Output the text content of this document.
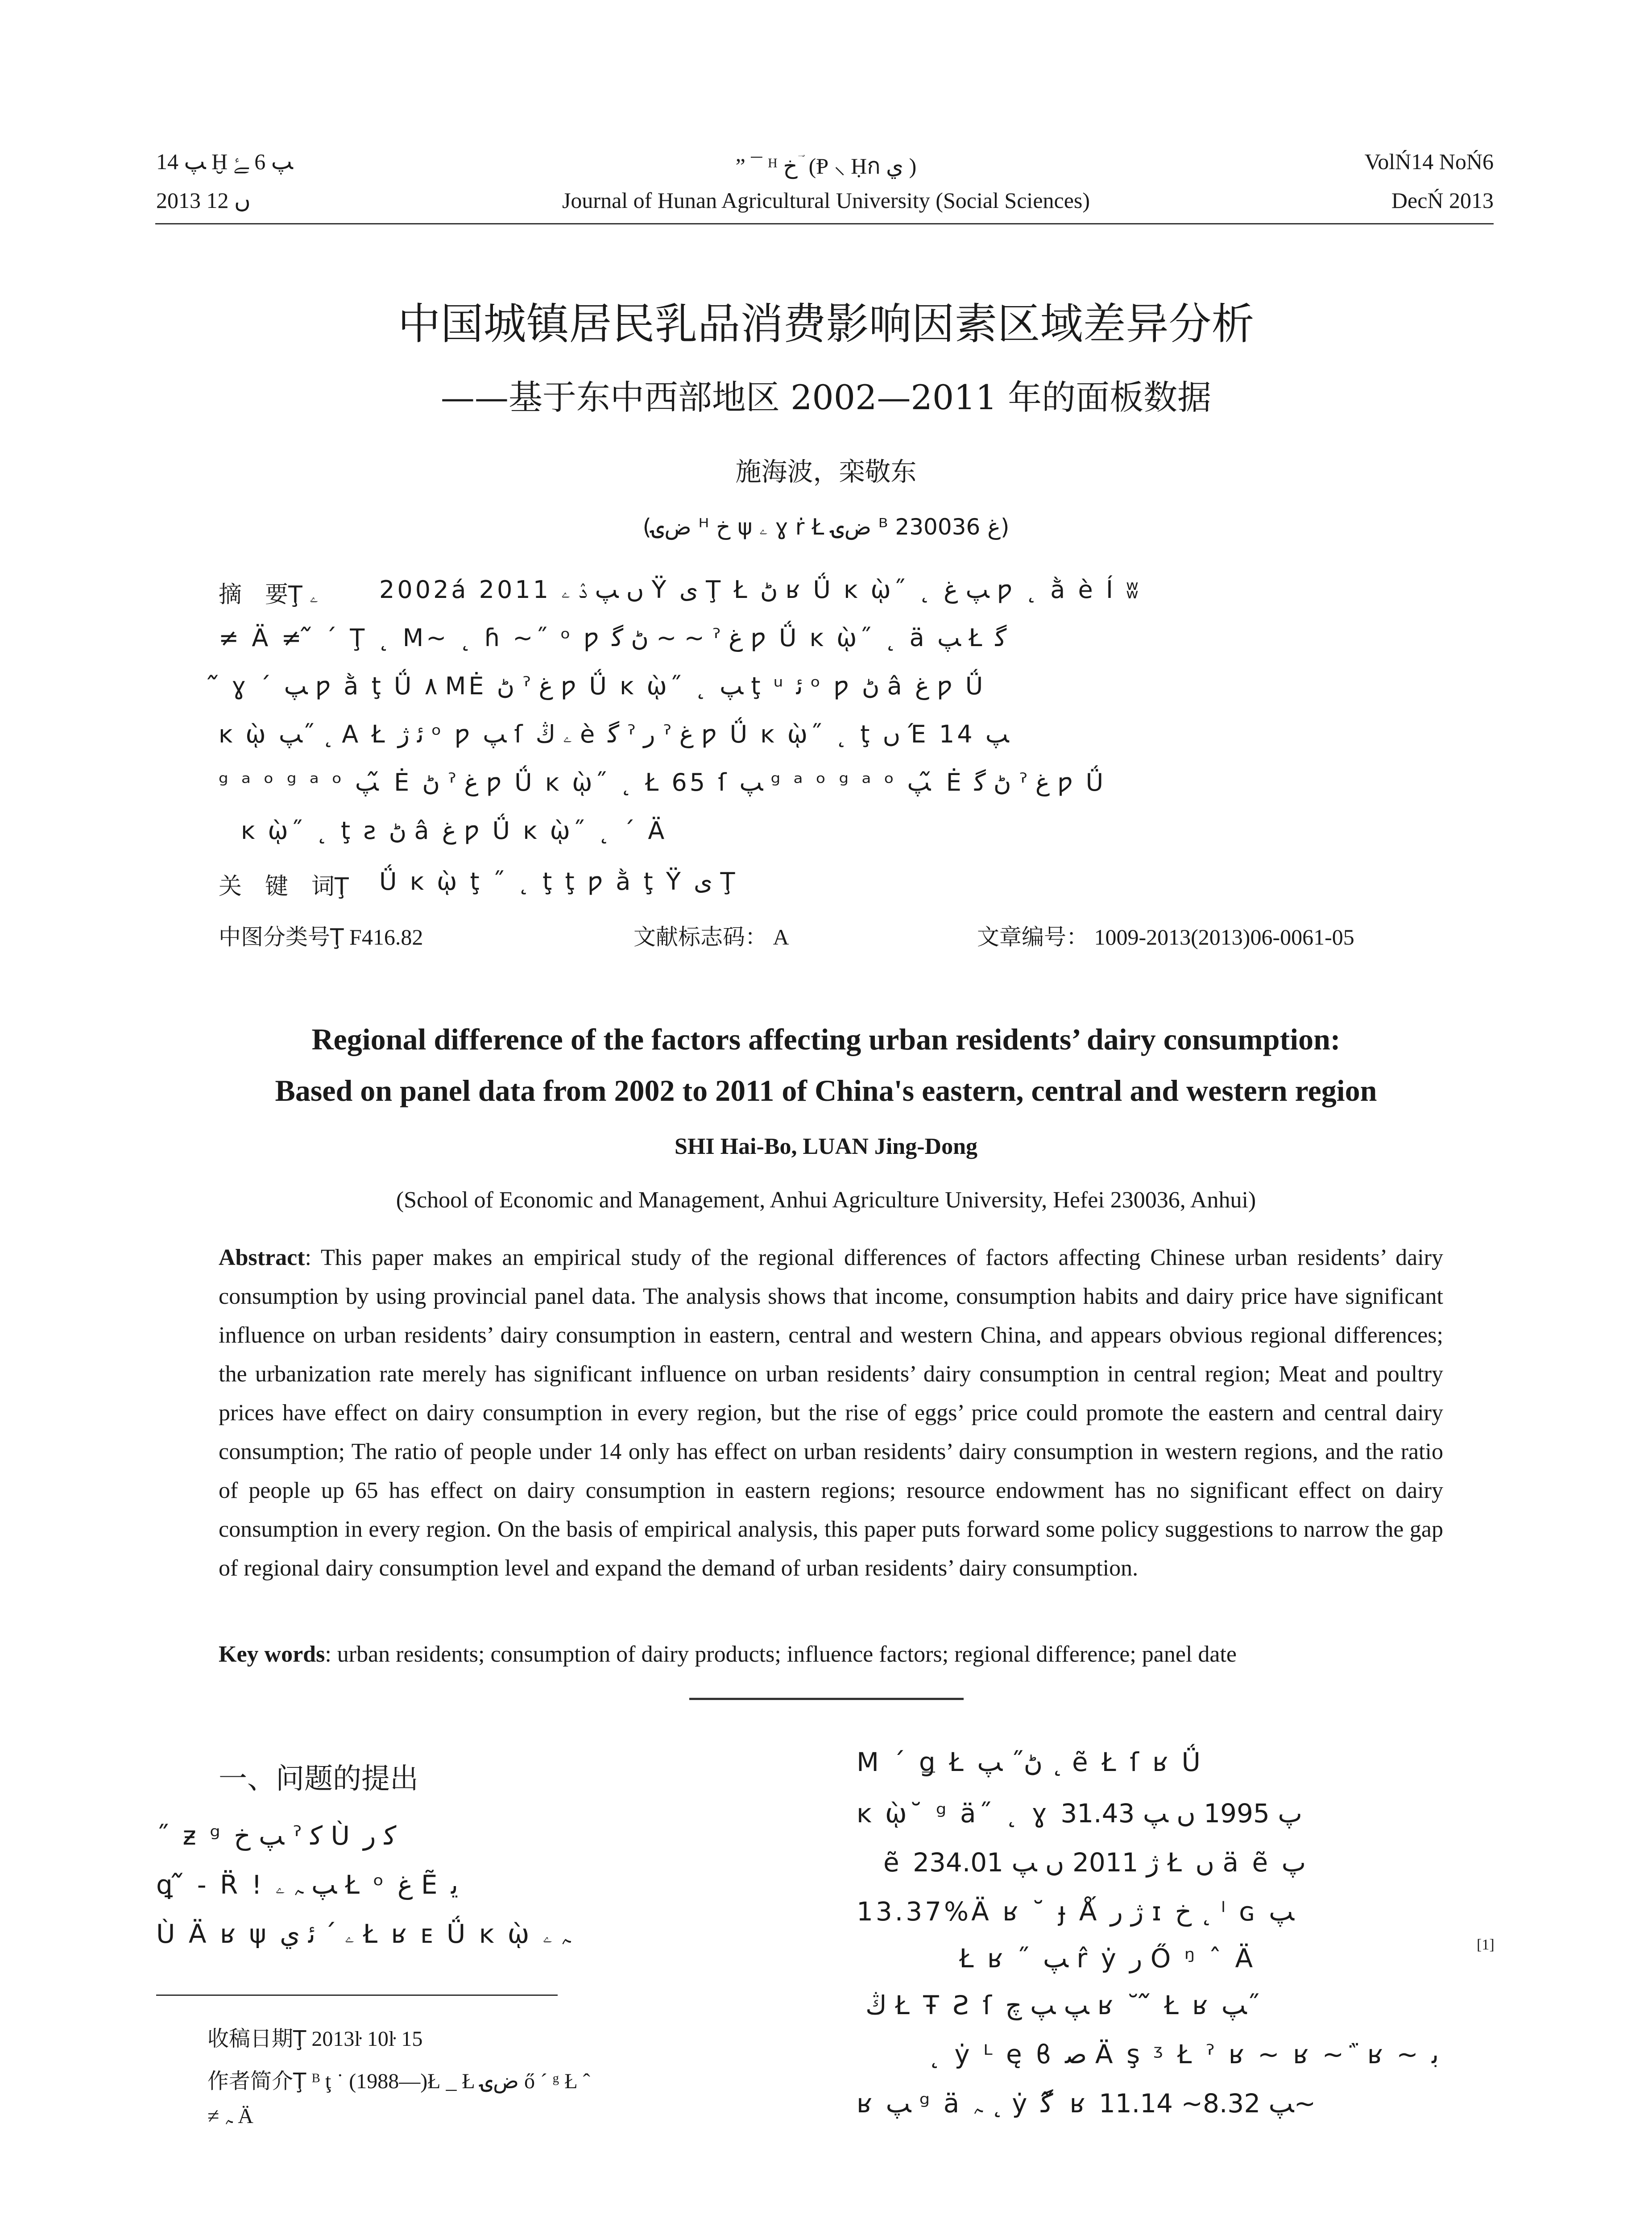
ﭗ 14 Ḫ ﭗ 6 ﮱ
2013 ﮞ 12
” ¯ ᴴ ﺥ ؔ (Ᵽ ⸜ Ḥก ﻱ )
Journal of Hunan Agricultural University (Social Sciences)
VolŃ14 NoŃ6
DecŃ 2013
中国城镇居民乳品消费影响因素区域差异分析
——基于东中西部地区 2002—2011 年的面板数据
施海波，栾敬东
(ﺽۍ ᴴ ﺥ ψ ۦ ɣ ṙ Ł ﺽۍ ᴮ ﻍ 230036)
摘　要Ţ ۦ	2002á 2011 ﮞ ﭗ ۮ ۦ Ÿ ﯼ Ţ Ł ﮠ ʁ Ǘ ĸ ῲ˝ ˛ ﭗ ﻍ ƿ ˛ ằ è Í ʬ
≠ Ä ≠ ᷉ ´ Ţ ˛ M~ ˛ ɦ ~˝ ᵒ ƿ ﮠ ﮔ ~ ~ ˀ ﻍ ƿ Ǘ ĸ ῲ˝ ˛ ä ﭗ Ł ﮔ
᷉ ɣ ´ ﭗ ƿ ằ ţ Ǘ ۸ MĖ ﮠ ˀ ﻍ ƿ Ǘ ĸ ῲ˝ ˛ ﭗ ţ ᵘ ﺋ ᵒ ƿ ﮠ â ﻍ ƿ Ǘ
ĸ ῲ ﭗ˝ ˛ A Ł ﺋ ژ ᵒ ƿ ﭗ ſ ۦ ﯓ è ﮔ ˀ ﺭ ˀ ﻍ ƿ Ǘ ĸ ῲ˝ ˛ ţ ﮞ Έ 14 ﭗ
ᵍ ᵃ ᵒ ᵍ ᵃ ᵒ ﭗ ᷉ Ė ﮠ ˀ ﻍ ƿ Ǘ ĸ ῲ˝ ˛ Ł 65 ſ ﭗ ᵍ ᵃ ᵒ ᵍ ᵃ ᵒ ﭗ ᷉ Ė ﮠ ﮔ ˀ ﻍ ƿ Ǘ
ĸ ῲ˝ ˛ ţ ƨ ﮠ â ﻍ ƿ Ǘ ĸ ῲ˝ ˛ ´ Ä
关　键　词Ţ Ǘ ĸ ῲ ţ ˝ ˛ ţ ţ ƿ ằ ţ Ÿ ﯼ Ţ
中图分类号Ţ F416.82	文献标志码： A	文章编号： 1009-2013(2013)06-0061-05
Regional difference of the factors affecting urban residents’ dairy consumption:
Based on panel data from 2002 to 2011 of China's eastern, central and western region
SHI Hai-Bo, LUAN Jing-Dong
(School of Economic and Management, Anhui Agriculture University, Hefei 230036, Anhui)
Abstract: This paper makes an empirical study of the regional differences of factors affecting Chinese urban residents’ dairy consumption by using provincial panel data. The analysis shows that income, consumption habits and dairy price have significant influence on urban residents’ dairy consumption in eastern, central and western China, and appears obvious regional differences; the urbanization rate merely has significant influence on urban residents’ dairy consumption in central region; Meat and poultry prices have effect on dairy consumption in every region, but the rise of eggs’ price could promote the eastern and central dairy consumption; The ratio of people under 14 only has effect on urban residents’ dairy consumption in western regions, and the ratio of people up 65 has effect on dairy consumption in eastern regions; resource endowment has no significant effect on dairy consumption in every region. On the basis of empirical analysis, this paper puts forward some policy suggestions to narrow the gap of regional dairy consumption level and expand the demand of urban residents’ dairy consumption.
Key words: urban residents; consumption of dairy products; influence factors; regional difference; panel date
一、问题的提出
˝ ƶ ᵍ ﭗ ﺥ ˀ ﮐ Ù ﮐ ﺭ
ꝗ ᷉ - R̈ ! ﭗ ﮧ ۦ Ł ᵒ ﻍ Ẽ ﯾ
Ù Ä ʁ ψ ۦ ´ ﺋ ﻱ Ł ʁ ᴇ Ǘ ĸ ῲ ﮧ ۦ
收稿日期Ţ 2013ŀ 10ŀ 15
作者简介Ţ ᴮ ţ ˙ (1988—)Ł _ Ł ﺽۍ ő ´ ᵍ Ł ˆ
≠ ﮧ Ä
M ´ ǥ Ł ﮠ˝ ﭗ ˛ ẽ Ł ſ ʁ Ǘ
ĸ ῲ˘ ᵍ ä˝ ˛ ɣ ﭖ 1995 ﮞ ﭗ 31.43
ẽ ژ 2011 ﮞ ﭗ 234.01 Ł ﮞ ä ẽ ﭖ
13.37%Ä ʁ ˘ ɟ Ǻ ژ ﺭ ɪ ﺥ ˛ ˡ ɢ ﭗ
Ł ʁ ˝ ﭗ r̂ ẏ ﺭ Ő ᵑ ˆ Ä	[1]
ﯓ Ł Ŧ Ƨ ſ ﭗ ﭗ ﭺ ʁ ˘ ᷉ Ł ʁ ﭗ˝
˛ ẏ ᴸ ę ϐ ﺻ Ä ş ᶾ Ł ˀ ʁ ~ ʁ ~ ᷀ ʁ ~ ﺑ
ʁ ﭗ ᵍ ä ﮧ ˛ ẏ ﮔ ᷉ ʁ ﭗ 8.32~ 11.14~
